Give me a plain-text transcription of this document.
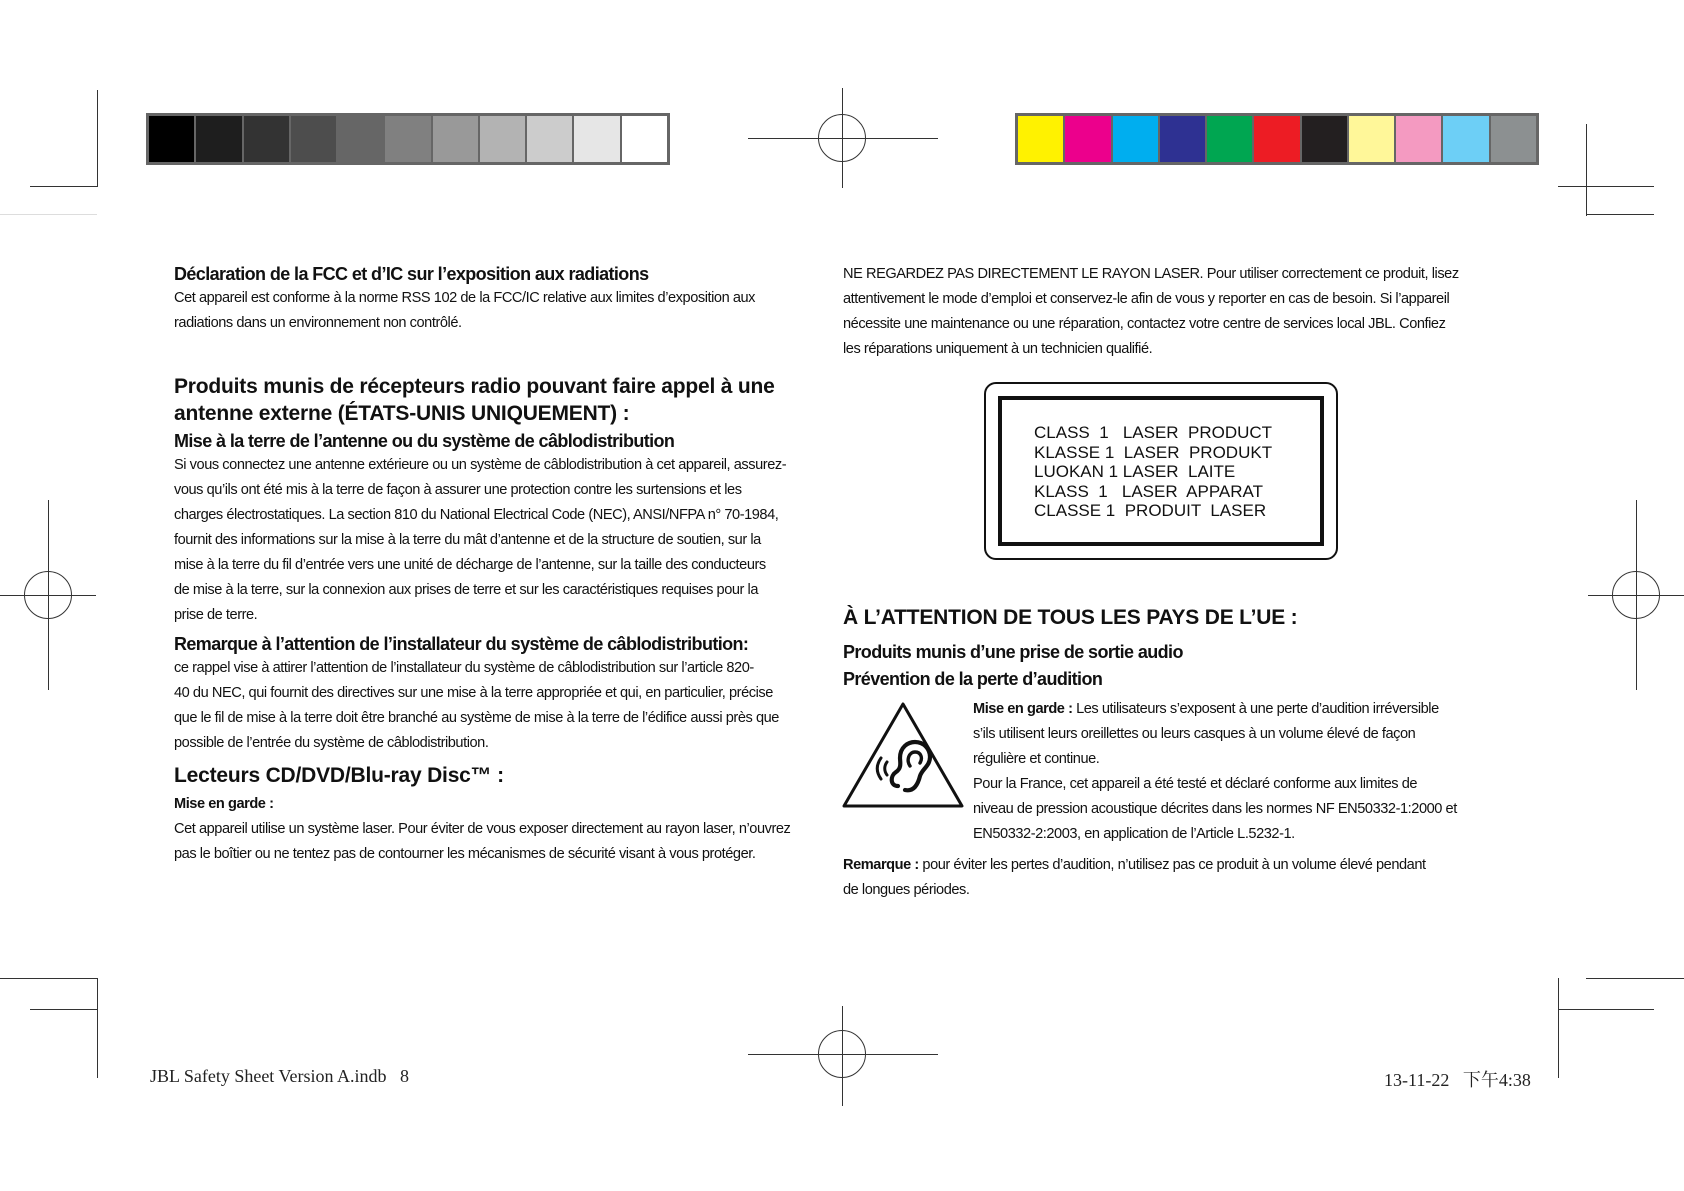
Déclaration de la FCC et d’IC sur l’exposition aux radiations

Cet appareil est conforme à la norme RSS 102 de la FCC/IC relative aux limites d’exposition aux

radiations dans un environnement non contrôlé.

Produits munis de récepteurs radio pouvant faire appel à une
antenne externe (ÉTATS-UNIS UNIQUEMENT) :
Mise à la terre de l’antenne ou du système de câblodistribution

Si vous connectez une antenne extérieure ou un système de câblodistribution à cet appareil, assurez-

vous qu’ils ont été mis à la terre de façon à assurer une protection contre les surtensions et les

charges électrostatiques. La section 810 du National Electrical Code (NEC), ANSI/NFPA n° 70-1984,

fournit des informations sur la mise à la terre du mât d’antenne et de la structure de soutien, sur la

mise à la terre du fil d’entrée vers une unité de décharge de l’antenne, sur la taille des conducteurs

de mise à la terre, sur la connexion aux prises de terre et sur les caractéristiques requises pour la

prise de terre.

Remarque à l’attention de l’installateur du système de câblodistribution:

ce rappel vise à attirer l’attention de l’installateur du système de câblodistribution sur l’article 820-

40 du NEC, qui fournit des directives sur une mise à la terre appropriée et qui, en particulier, précise

que le fil de mise à la terre doit être branché au système de mise à la terre de l’édifice aussi près que

possible de l’entrée du système de câblodistribution.

Lecteurs CD/DVD/Blu-ray Disc™ :

Mise en garde :

Cet appareil utilise un système laser. Pour éviter de vous exposer directement au rayon laser, n’ouvrez

pas le boîtier ou ne tentez pas de contourner les mécanismes de sécurité visant à vous protéger.

NE REGARDEZ PAS DIRECTEMENT LE RAYON LASER. Pour utiliser correctement ce produit, lisez

attentivement le mode d’emploi et conservez-le afin de vous y reporter en cas de besoin. Si l’appareil

nécessite une maintenance ou une réparation, contactez votre centre de services local JBL. Confiez

les réparations uniquement à un technicien qualifié.

CLASS  1   LASER  PRODUCT
KLASSE 1  LASER  PRODUKT
LUOKAN 1 LASER  LAITE
KLASS  1   LASER  APPARAT
CLASSE 1  PRODUIT  LASER
À L’ATTENTION DE TOUS LES PAYS DE L’UE :
Produits munis d’une prise de sortie audio
Prévention de la perte d’audition

Mise en garde : Les utilisateurs s’exposent à une perte d’audition irréversible

s’ils utilisent leurs oreillettes ou leurs casques à un volume élevé de façon

régulière et continue.

Pour la France, cet appareil a été testé et déclaré conforme aux limites de

niveau de pression acoustique décrites dans les normes NF EN50332-1:2000 et

EN50332-2:2003, en application de l’Article L.5232-1.

Remarque : pour éviter les pertes d’audition, n’utilisez pas ce produit à un volume élevé pendant

de longues périodes.

JBL Safety Sheet Version A.indb   8	13-11-22   下午4:38
